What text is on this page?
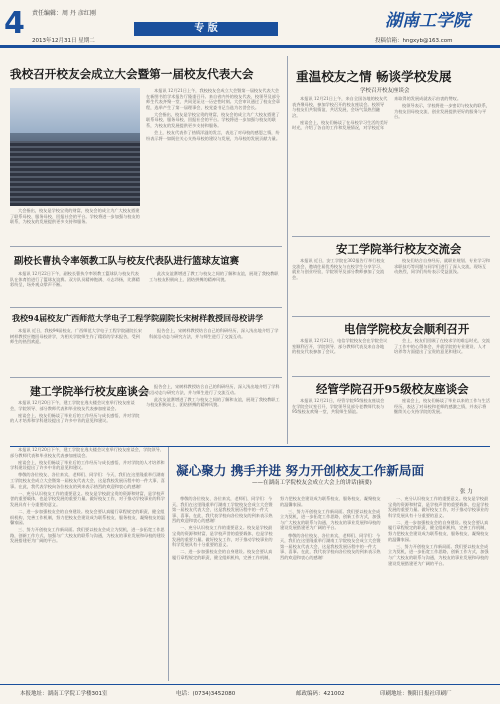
4 责任编辑：周 丹 彦红刚
2013年12月31日 星期二
专 版	湖南工学院
投稿信箱：hngxyb@163.com
我校召开校友会成立大会暨第一届校友代表大会

本报讯 12月21日上午，我校校友会成立大会暨第一届校友代表大会在新图书馆学术报告厅隆重召开。来自省内外的校友代表、校领导及部分师生代表齐聚一堂，共同见证这一历史性时刻。大会审议通过了校友会章程，选举产生了第一届理事会，校党委书记当选为名誉会长。

大会指出，校友是学校宝贵的财富，校友会的成立为广大校友搭建了联系母校、服务母校、回报社会的平台。学校将进一步加强与校友的联系，为校友的发展提供更多支持和服务。

会上，校友代表作了热情洋溢的发言，表达了对母校的感恩之情，纷纷表示将一如既往关心支持母校的建设与发展，为母校的发展贡献力量。

大会指出，校友是学校宝贵的财富，校友会的成立为广大校友搭建了联系母校、服务母校、回报社会的平台。学校将进一步加强与校友的联系，为校友的发展提供更多支持和服务。

重温校友之情 畅谈学校发展
学校召开校友座谈会

本报讯 12月21日上午，来自全国各地的校友代表齐聚母校，参加学校召开的校友座谈会。校领导与校友们共叙情谊、共话发展，会场气氛热烈融洽。

座谈会上，校友们畅谈了在母校学习生活的美好时光，介绍了各自的工作和发展情况，对学校近年来取得的发展成就表示由衷的赞叹。

校领导表示，学校将进一步密切与校友的联系，为校友回母校交流、创业发展提供更好的服务与平台。

副校长曹执令率领教工队与校友代表队进行篮球友谊赛

本报讯 12月22日下午，副校长曹执令率领教工篮球队与校友代表队在体育馆进行了篮球友谊赛。双方队员精神饱满、斗志昂扬，比赛精彩纷呈，场外观众掌声不断。

此次友谊赛增进了教工与校友之间的了解和友谊，展现了我校教职工与校友积极向上、团结拼搏的精神风貌。

我校94届校友广西师范大学电子工程学院副院长宋树样教授回母校讲学

本报讯 近日，我校94届校友、广西师范大学电子工程学院副院长宋树样教授应邀回母校讲学，为相关学院师生作了精彩的学术报告，受到师生的热烈欢迎。

报告会上，宋树样教授结合自己的科研经历，深入浅出地介绍了学科前沿动态与研究方法，并与师生进行了交流互动。

建工学院举行校友座谈会

本报讯 12月20日下午，建工学院在逸夫楼会议室举行校友座谈会，学院领导、部分教师代表和毕业校友代表参加座谈会。

座谈会上，校友们畅谈了毕业后的工作经历与成长感悟，并对学院的人才培养和学科建设提出了许多中肯的意见和建议。

报告会上，宋树样教授结合自己的科研经历，深入浅出地介绍了学科前沿动态与研究方法，并与师生进行了交流互动。

此次友谊赛增进了教工与校友之间的了解和友谊，展现了我校教职工与校友积极向上、团结拼搏的精神风貌。

安工学院举行校友交流会

本报讯 近日，安工学院在302报告厅举行校友交流会，邀请往届优秀校友与在校学生分享学习、就业与创业经验，学院领导及部分教师参加了交流会。

校友们结合自身经历，就职业规划、专业学习和求职技巧等问题与同学们进行了深入交流，现场互动热烈，同学们纷纷表示受益匪浅。

电信学院校友会顺利召开

本报讯 12月21日，电信学院校友会在学院会议室顺利召开，学院领导、部分教师代表及来自各地的校友代表参加了会议。

会上，校友们回顾了在校求学的难忘时光，交流了工作中的心得体会，并就学院的专业建设、人才培养等方面提出了宝贵的意见和建议。

经管学院召开95级校友座谈会

本报讯 12月21日，经管学院95级校友座谈会在学院会议室召开，学院领导及部分老教师代表与95级校友欢聚一堂，共叙师生情谊。

座谈会上，校友们畅谈了毕业以来的工作与生活经历，表达了对母校和老师的感激之情，并表示将继续关心支持学院的发展。

本报讯 12月20日下午，建工学院在逸夫楼会议室举行校友座谈会，学院领导、部分教师代表和毕业校友代表参加座谈会。

座谈会上，校友们畅谈了毕业后的工作经历与成长感悟，并对学院的人才培养和学科建设提出了许多中肯的意见和建议。

尊敬的各位校友、各位来宾，老师们、同学们：今天，我们在这里隆重举行湖南工学院校友会成立大会暨第一届校友代表大会，这是我校发展历程中的一件大事、喜事。在此，我代表学校向各位校友的到来表示热烈的欢迎和衷心的感谢！

一、充分认识校友工作的重要意义。校友是学校最宝贵的资源和财富，是学校声誉的重要载体，也是学校发展的重要力量。做好校友工作，对于推动学校事业的科学发展具有十分重要的意义。

二、进一步加强校友会的自身建设。校友会要认真履行章程规定的职责，健全组织机构，完善工作机制，努力把校友会建设成为联系校友、服务校友、凝聚校友的温馨家园。

三、努力开创校友工作新局面。我们要以校友会成立为契机，进一步拓宽工作思路，创新工作方式，加强与广大校友的联系与沟通，为校友的事业发展和母校的建设发展搭建更为广阔的平台。

凝心聚力 携手并进 努力开创校友工作新局面
——在湖南工学院校友会成立大会上的讲话(摘要)
张 力

尊敬的各位校友、各位来宾，老师们、同学们：今天，我们在这里隆重举行湖南工学院校友会成立大会暨第一届校友代表大会，这是我校发展历程中的一件大事、喜事。在此，我代表学校向各位校友的到来表示热烈的欢迎和衷心的感谢！

一、充分认识校友工作的重要意义。校友是学校最宝贵的资源和财富，是学校声誉的重要载体，也是学校发展的重要力量。做好校友工作，对于推动学校事业的科学发展具有十分重要的意义。

二、进一步加强校友会的自身建设。校友会要认真履行章程规定的职责，健全组织机构，完善工作机制，努力把校友会建设成为联系校友、服务校友、凝聚校友的温馨家园。

三、努力开创校友工作新局面。我们要以校友会成立为契机，进一步拓宽工作思路，创新工作方式，加强与广大校友的联系与沟通，为校友的事业发展和母校的建设发展搭建更为广阔的平台。

尊敬的各位校友、各位来宾，老师们、同学们：今天，我们在这里隆重举行湖南工学院校友会成立大会暨第一届校友代表大会，这是我校发展历程中的一件大事、喜事。在此，我代表学校向各位校友的到来表示热烈的欢迎和衷心的感谢！

一、充分认识校友工作的重要意义。校友是学校最宝贵的资源和财富，是学校声誉的重要载体，也是学校发展的重要力量。做好校友工作，对于推动学校事业的科学发展具有十分重要的意义。

二、进一步加强校友会的自身建设。校友会要认真履行章程规定的职责，健全组织机构，完善工作机制，努力把校友会建设成为联系校友、服务校友、凝聚校友的温馨家园。

三、努力开创校友工作新局面。我们要以校友会成立为契机，进一步拓宽工作思路，创新工作方式，加强与广大校友的联系与沟通，为校友的事业发展和母校的建设发展搭建更为广阔的平台。

本报地址：湖南工学院工学楼301室	电话：(0734)3452080	邮政编码：421002	印刷地址：衡阳日报社印刷厂
